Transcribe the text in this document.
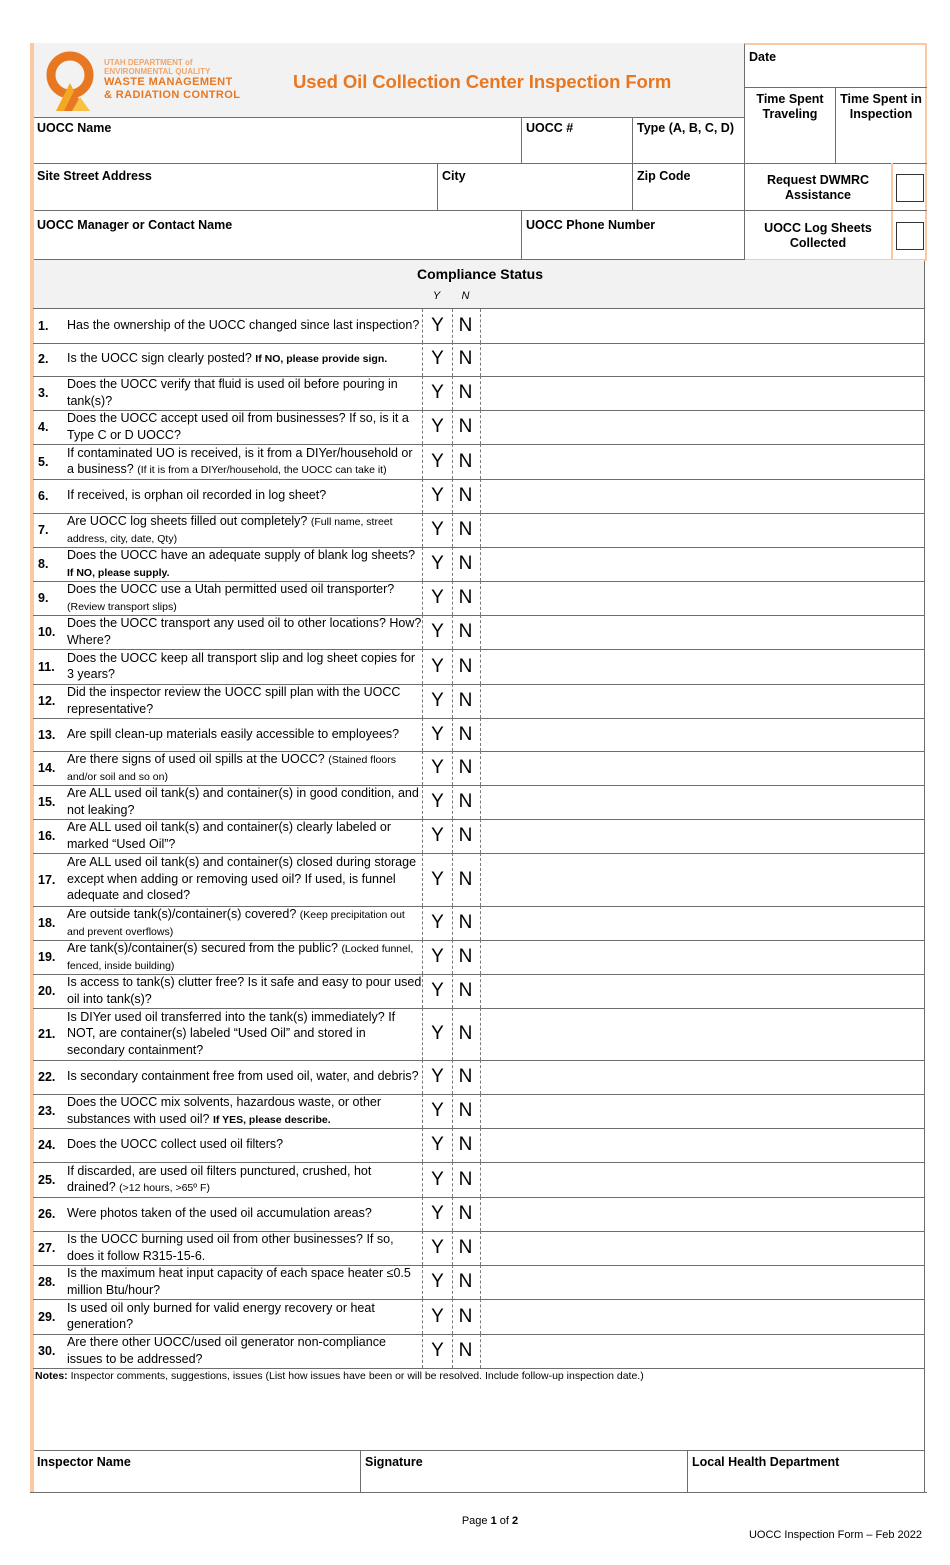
UTAH DEPARTMENT of
ENVIRONMENTAL QUALITY
WASTE MANAGEMENT
& RADIATION CONTROL
Used Oil Collection Center Inspection Form
Date
Time Spent Traveling
Time Spent in Inspection
Request DWMRC Assistance
UOCC Log Sheets Collected
UOCC Name	UOCC #	Type (A, B, C, D)
Site Street Address	City	Zip Code
UOCC Manager or Contact Name	UOCC Phone Number
Compliance Status
Y	N
1. Has the ownership of the UOCC changed since last inspection? Y N
2. Is the UOCC sign clearly posted? If NO, please provide sign.	Y N
3.
Does the UOCC verify that fluid is used oil before pouring in tank(s)?	Y N
4.
Does the UOCC accept used oil from businesses? If so, is it a Type C or D UOCC?	Y N
5.
If contaminated UO is received, is it from a DIYer/household or a business? (If it is from a DIYer/household, the UOCC can take it)	Y N
6. If received, is orphan oil recorded in log sheet?	Y N
7.
Are UOCC log sheets filled out completely? (Full name, street address, city, date, Qty)	Y N
8.
Does the UOCC have an adequate supply of blank log sheets? If NO, please supply.	Y N
9.
Does the UOCC use a Utah permitted used oil transporter? (Review transport slips)	Y N
10.
Does the UOCC transport any used oil to other locations? How? Where?	Y N
11.
Does the UOCC keep all transport slip and log sheet copies for 3 years?	Y N
12.
Did the inspector review the UOCC spill plan with the UOCC representative?	Y N
13. Are spill clean-up materials easily accessible to employees?	Y N
14.
Are there signs of used oil spills at the UOCC? (Stained floors and/or soil and so on)	Y N
15.
Are ALL used oil tank(s) and container(s) in good condition, and not leaking?	Y N
16.
Are ALL used oil tank(s) and container(s) clearly labeled or marked “Used Oil”?	Y N
17.
Are ALL used oil tank(s) and container(s) closed during storage except when adding or removing used oil? If used, is funnel adequate and closed?
Y N
18.
Are outside tank(s)/container(s) covered? (Keep precipitation out and prevent overflows)	Y N
19.
Are tank(s)/container(s) secured from the public? (Locked funnel, fenced, inside building)	Y N
20.
Is access to tank(s) clutter free? Is it safe and easy to pour used oil into tank(s)?	Y N
21.
Is DIYer used oil transferred into the tank(s) immediately? If NOT, are container(s) labeled “Used Oil” and stored in secondary containment?
Y N
22. Is secondary containment free from used oil, water, and debris? Y N
23.
Does the UOCC mix solvents, hazardous waste, or other substances with used oil? If YES, please describe.	Y N
24. Does the UOCC collect used oil filters?	Y N
25.
If discarded, are used oil filters punctured, crushed, hot drained? (>12 hours, >65º F)	Y N
26. Were photos taken of the used oil accumulation areas?	Y N
27.
Is the UOCC burning used oil from other businesses? If so, does it follow R315-15-6.	Y N
28.
Is the maximum heat input capacity of each space heater ≤0.5 million Btu/hour?	Y N
29.
Is used oil only burned for valid energy recovery or heat generation?	Y N
30.
Are there other UOCC/used oil generator non-compliance issues to be addressed?	Y N
Notes: Inspector comments, suggestions, issues (List how issues have been or will be resolved. Include follow-up inspection date.)
Inspector Name	Signature	Local Health Department
Page 1 of 2
UOCC Inspection Form – Feb 2022
